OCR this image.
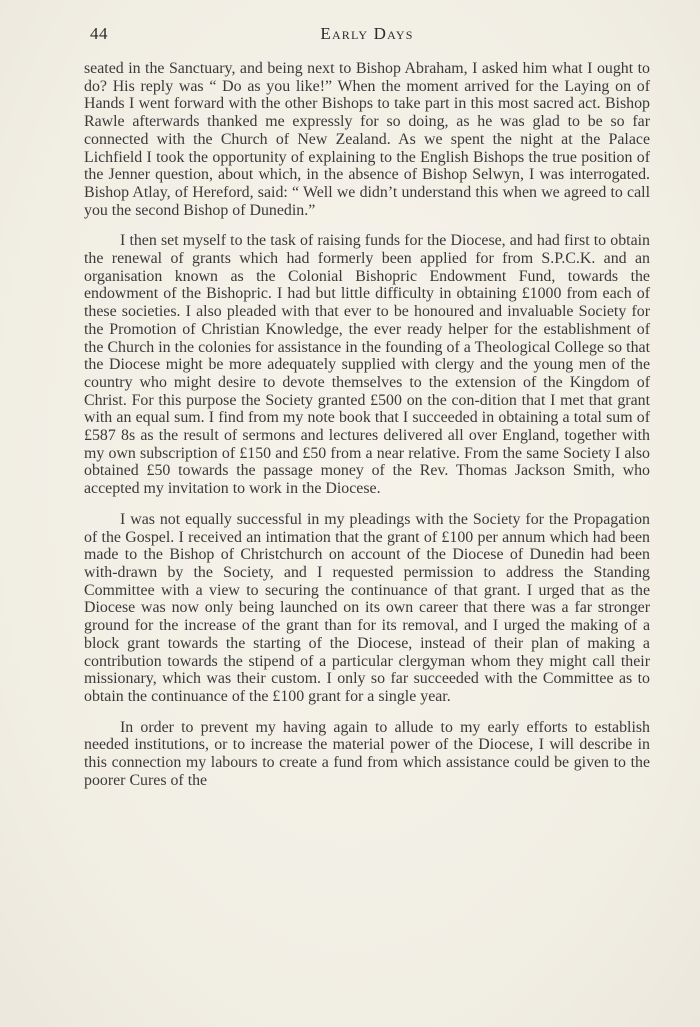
44	Early Days

seated in the Sanctuary, and being next to Bishop Abraham, I asked him what I ought to do? His reply was “ Do as you like!” When the moment arrived for the Laying on of Hands I went forward with the other Bishops to take part in this most sacred act. Bishop Rawle afterwards thanked me expressly for so doing, as he was glad to be so far connected with the Church of New Zealand. As we spent the night at the Palace Lichfield I took the opportunity of explaining to the English Bishops the true position of the Jenner question, about which, in the absence of Bishop Selwyn, I was interrogated. Bishop Atlay, of Hereford, said: “ Well we didn’t understand this when we agreed to call you the second Bishop of Dunedin.”

I then set myself to the task of raising funds for the Diocese, and had first to obtain the renewal of grants which had formerly been applied for from S.P.C.K. and an organisation known as the Colonial Bishopric Endowment Fund, towards the endowment of the Bishopric. I had but little difficulty in obtaining £1000 from each of these societies. I also pleaded with that ever to be honoured and invaluable Society for the Promotion of Christian Knowledge, the ever ready helper for the establishment of the Church in the colonies for assistance in the founding of a Theological College so that the Diocese might be more adequately supplied with clergy and the young men of the country who might desire to devote themselves to the extension of the Kingdom of Christ. For this purpose the Society granted £500 on the con-dition that I met that grant with an equal sum. I find from my note book that I succeeded in obtaining a total sum of £587 8s as the result of sermons and lectures delivered all over England, together with my own subscription of £150 and £50 from a near relative. From the same Society I also obtained £50 towards the passage money of the Rev. Thomas Jackson Smith, who accepted my invitation to work in the Diocese.

I was not equally successful in my pleadings with the Society for the Propagation of the Gospel. I received an intimation that the grant of £100 per annum which had been made to the Bishop of Christchurch on account of the Diocese of Dunedin had been with-drawn by the Society, and I requested permission to address the Standing Committee with a view to securing the continuance of that grant. I urged that as the Diocese was now only being launched on its own career that there was a far stronger ground for the increase of the grant than for its removal, and I urged the making of a block grant towards the starting of the Diocese, instead of their plan of making a contribution towards the stipend of a particular clergyman whom they might call their missionary, which was their custom. I only so far succeeded with the Committee as to obtain the continuance of the £100 grant for a single year.

In order to prevent my having again to allude to my early efforts to establish needed institutions, or to increase the material power of the Diocese, I will describe in this connection my labours to create a fund from which assistance could be given to the poorer Cures of the
